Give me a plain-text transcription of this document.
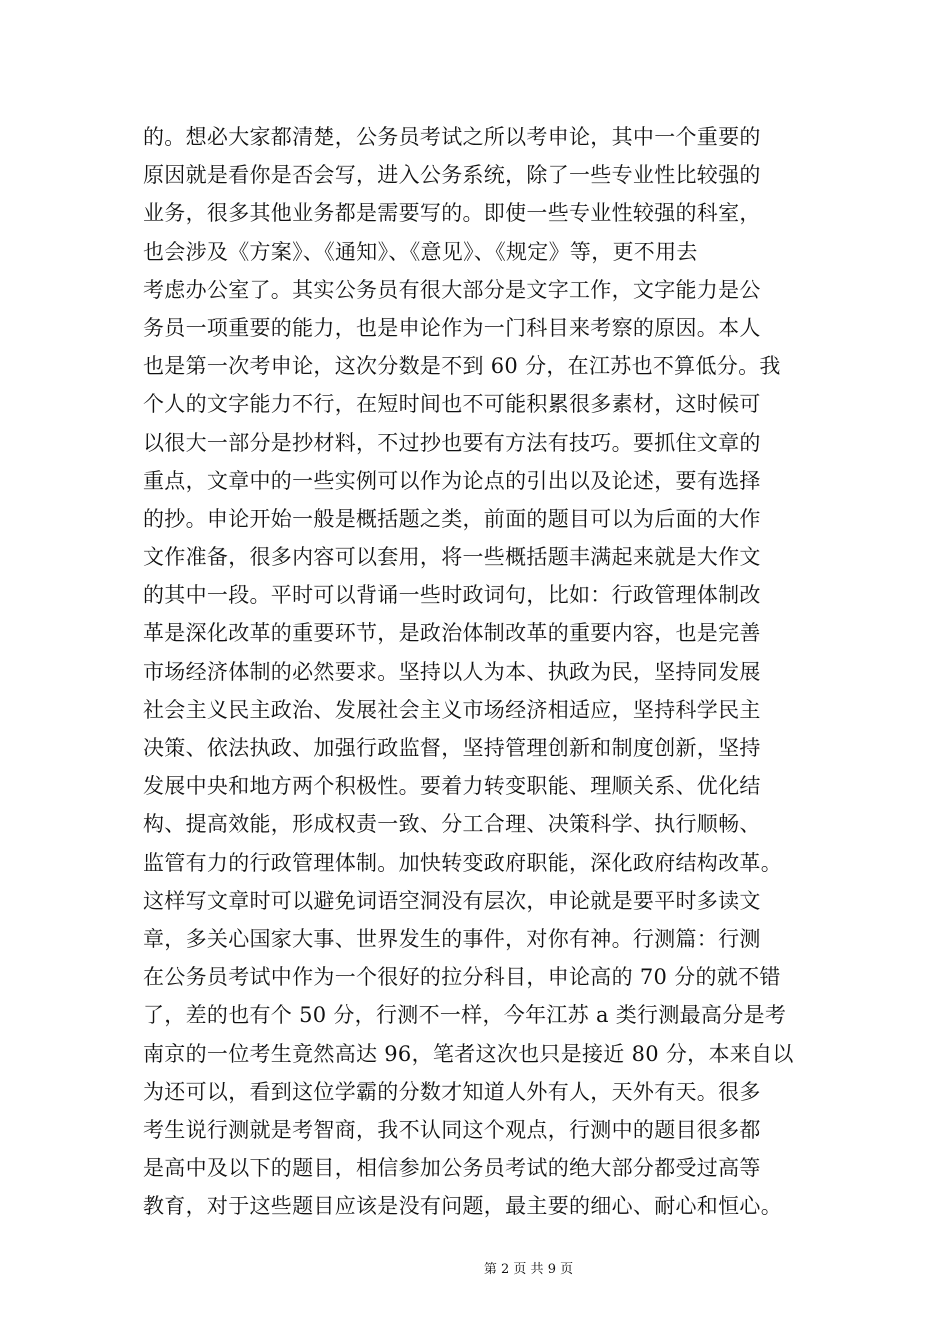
的。想必大家都清楚，公务员考试之所以考申论，其中一个重要的
原因就是看你是否会写，进入公务系统，除了一些专业性比较强的
业务，很多其他业务都是需要写的。即使一些专业性较强的科室，
也会涉及《方案》、《通知》、《意见》、《规定》等，更不用去
考虑办公室了。其实公务员有很大部分是文字工作，文字能力是公
务员一项重要的能力，也是申论作为一门科目来考察的原因。本人
也是第一次考申论，这次分数是不到 60 分，在江苏也不算低分。我
个人的文字能力不行，在短时间也不可能积累很多素材，这时候可
以很大一部分是抄材料，不过抄也要有方法有技巧。要抓住文章的
重点，文章中的一些实例可以作为论点的引出以及论述，要有选择
的抄。申论开始一般是概括题之类，前面的题目可以为后面的大作
文作准备，很多内容可以套用，将一些概括题丰满起来就是大作文
的其中一段。平时可以背诵一些时政词句，比如：行政管理体制改
革是深化改革的重要环节，是政治体制改革的重要内容，也是完善
市场经济体制的必然要求。坚持以人为本、执政为民，坚持同发展
社会主义民主政治、发展社会主义市场经济相适应，坚持科学民主
决策、依法执政、加强行政监督，坚持管理创新和制度创新，坚持
发展中央和地方两个积极性。要着力转变职能、理顺关系、优化结
构、提高效能，形成权责一致、分工合理、决策科学、执行顺畅、
监管有力的行政管理体制。加快转变政府职能，深化政府结构改革。
这样写文章时可以避免词语空洞没有层次，申论就是要平时多读文
章，多关心国家大事、世界发生的事件，对你有神。行测篇：行测
在公务员考试中作为一个很好的拉分科目，申论高的 70 分的就不错
了，差的也有个 50 分，行测不一样，今年江苏 a 类行测最高分是考
南京的一位考生竟然高达 96，笔者这次也只是接近 80 分，本来自以
为还可以，看到这位学霸的分数才知道人外有人，天外有天。很多
考生说行测就是考智商，我不认同这个观点，行测中的题目很多都
是高中及以下的题目，相信参加公务员考试的绝大部分都受过高等
教育，对于这些题目应该是没有问题，最主要的细心、耐心和恒心。
第 2 页 共 9 页
